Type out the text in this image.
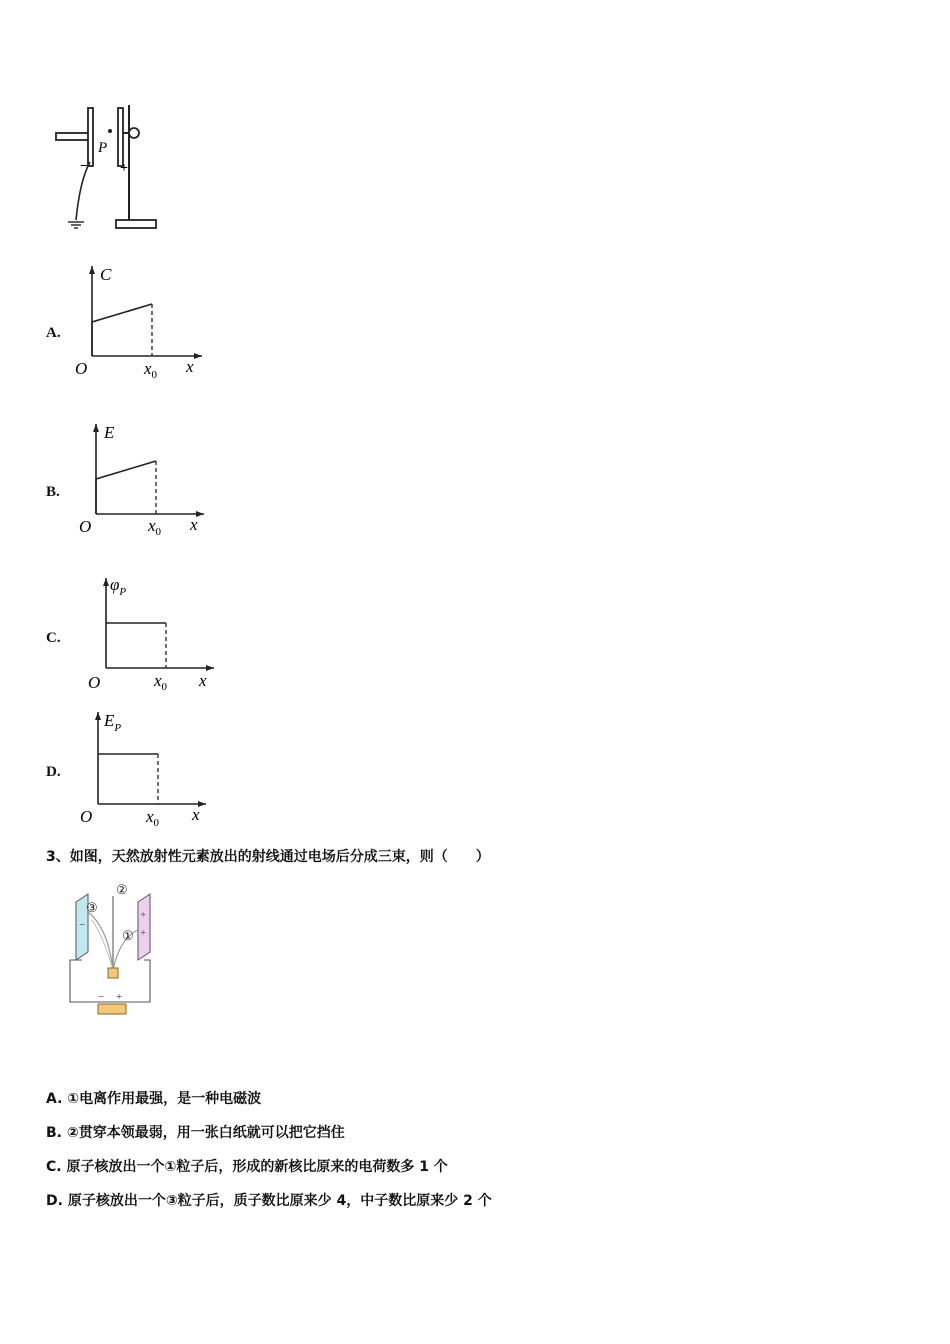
P
− +
A.
C
O	$x_0$ x
B.
E
O	$x_0$ x
C.
$\varphi_P$
O	$x_0$ x
D.
$E_P$
O	$x_0$ x
3、如图，天然放射性元素放出的射线通过电场后分成三束，则（　　）
−
+
+
− +
②
③
①
A. ①电离作用最强，是一种电磁波
B. ②贯穿本领最弱，用一张白纸就可以把它挡住
C. 原子核放出一个①粒子后，形成的新核比原来的电荷数多 1 个
D. 原子核放出一个③粒子后，质子数比原来少 4，中子数比原来少 2 个
